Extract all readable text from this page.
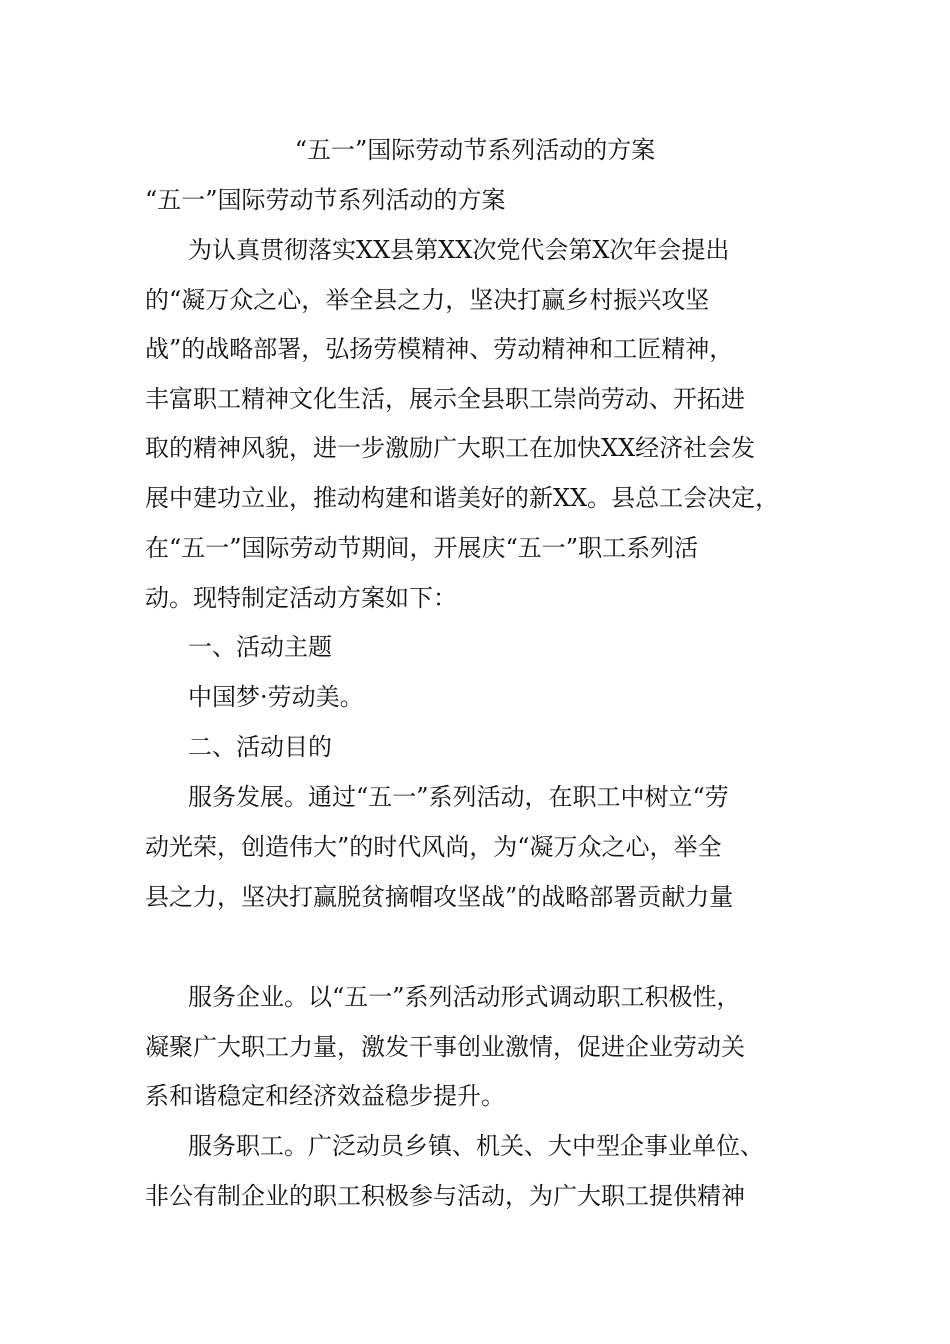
“五一”国际劳动节系列活动的方案
“五一”国际劳动节系列活动的方案
为认真贯彻落实XX县第XX次党代会第X次年会提出
的“凝万众之心，举全县之力，坚决打赢乡村振兴攻坚
战”的战略部署，弘扬劳模精神、劳动精神和工匠精神，
丰富职工精神文化生活，展示全县职工崇尚劳动、开拓进
取的精神风貌，进一步激励广大职工在加快XX经济社会发
展中建功立业，推动构建和谐美好的新XX。县总工会决定，
在“五一”国际劳动节期间，开展庆“五一”职工系列活
动。现特制定活动方案如下：
一、活动主题
中国梦·劳动美。
二、活动目的
服务发展。通过“五一”系列活动，在职工中树立“劳
动光荣，创造伟大”的时代风尚，为“凝万众之心，举全
县之力，坚决打赢脱贫摘帽攻坚战”的战略部署贡献力量
服务企业。以“五一”系列活动形式调动职工积极性，
凝聚广大职工力量，激发干事创业激情，促进企业劳动关
系和谐稳定和经济效益稳步提升。
服务职工。广泛动员乡镇、机关、大中型企事业单位、
非公有制企业的职工积极参与活动，为广大职工提供精神
